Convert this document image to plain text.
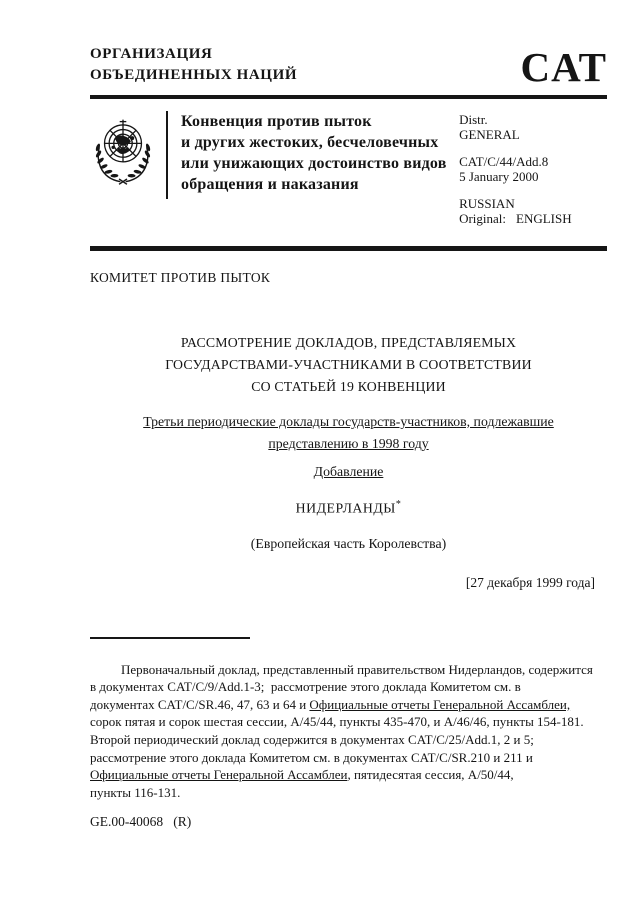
ОРГАНИЗАЦИЯ
ОБЪЕДИНЕННЫХ НАЦИЙ	CAT
Конвенция против пыток
и других жестоких, бесчеловечных
или унижающих достоинство видов
обращения и наказания
Distr.
GENERAL
CAT/C/44/Add.8
5 January 2000
RUSSIAN
Original: ENGLISH
КОМИТЕТ ПРОТИВ ПЫТОК
РАССМОТРЕНИЕ ДОКЛАДОВ, ПРЕДСТАВЛЯЕМЫХ
ГОСУДАРСТВАМИ-УЧАСТНИКАМИ В СООТВЕТСТВИИ
СО СТАТЬЕЙ 19 КОНВЕНЦИИ
Третьи периодические доклады государств-участников, подлежавшие
представлению в 1998 году
Добавление
НИДЕРЛАНДЫ*
(Европейская часть Королевства)
[27 декабря 1999 года]
Первоначальный доклад, представленный правительством Нидерландов, содержится
в документах CAT/C/9/Add.1-3;  рассмотрение этого доклада Комитетом см. в
документах CAT/C/SR.46, 47, 63 и 64 и Официальные отчеты Генеральной Ассамблеи,
сорок пятая и сорок шестая сессии, A/45/44, пункты 435-470, и A/46/46, пункты 154-181.
Второй периодический доклад содержится в документах CAT/C/25/Add.1, 2 и 5;
рассмотрение этого доклада Комитетом см. в документах CAT/C/SR.210 и 211 и
Официальные отчеты Генеральной Ассамблеи, пятидесятая сессия, A/50/44,
пункты 116-131.
GE.00-40068   (R)
